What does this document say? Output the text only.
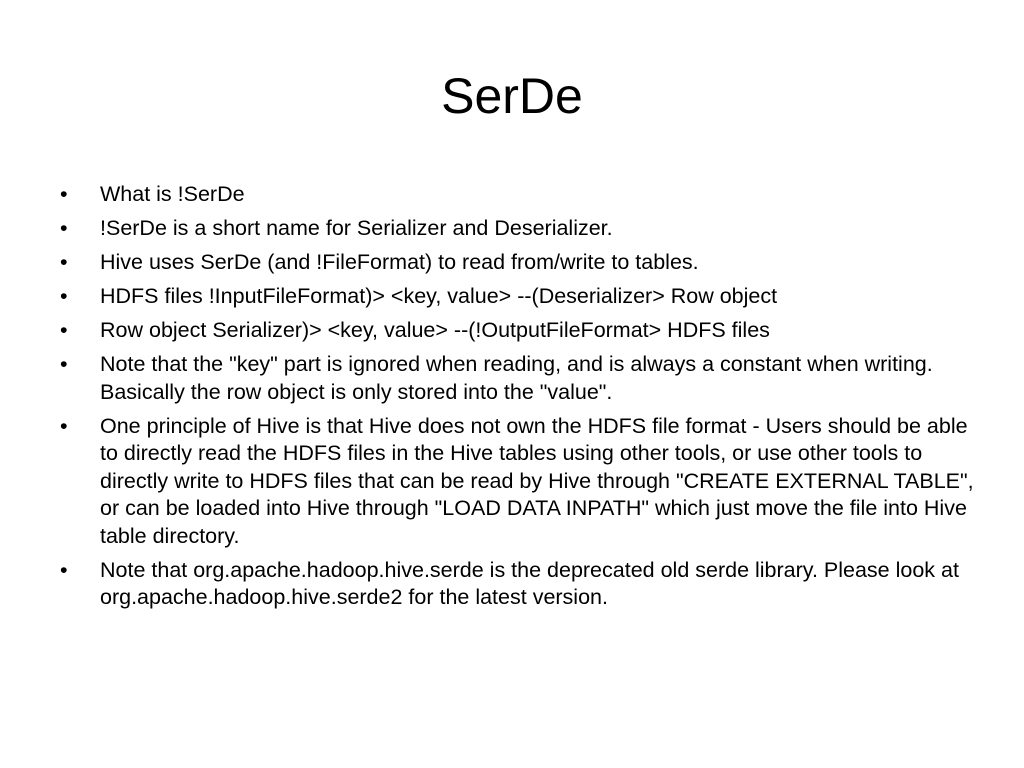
SerDe
•	What is !SerDe
•	!SerDe is a short name for Serializer and Deserializer.
•	Hive uses SerDe (and !FileFormat) to read from/write to tables.
•	HDFS files !InputFileFormat)> <key, value> --(Deserializer> Row object
•	Row object Serializer)> <key, value> --(!OutputFileFormat> HDFS files
•	Note that the "key" part is ignored when reading, and is always a constant when writing. Basically the row object is only stored into the "value".
•	One principle of Hive is that Hive does not own the HDFS file format - Users should be able to directly read the HDFS files in the Hive tables using other tools, or use other tools to directly write to HDFS files that can be read by Hive through "CREATE EXTERNAL TABLE", or can be loaded into Hive through "LOAD DATA INPATH" which just move the file into Hive table directory.
•	Note that org.apache.hadoop.hive.serde is the deprecated old serde library. Please look at org.apache.hadoop.hive.serde2 for the latest version.
